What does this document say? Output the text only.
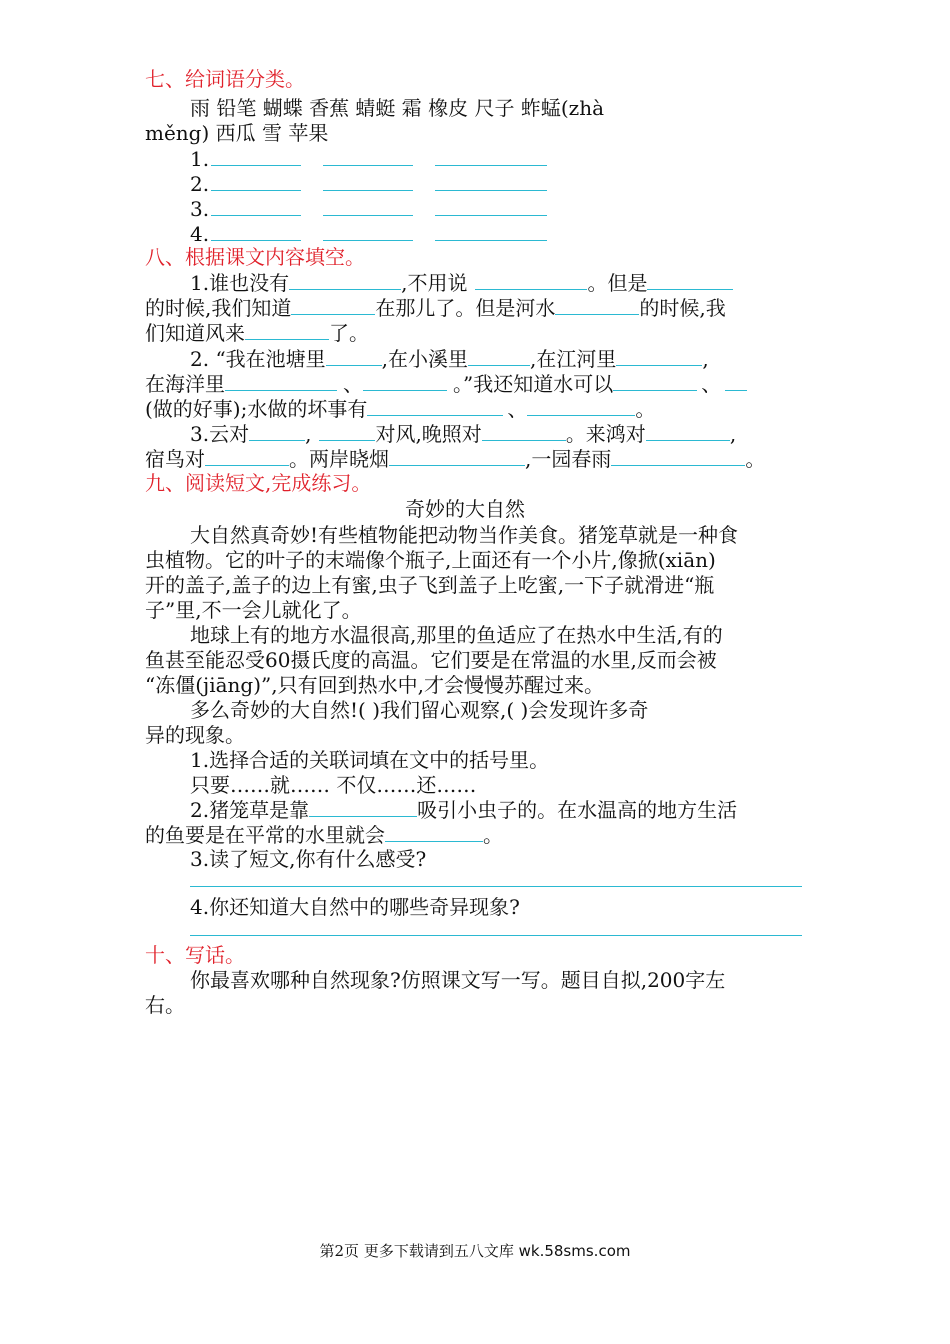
七、给词语分类。
雨 铅笔 蝴蝶 香蕉 蜻蜓 霜 橡皮 尺子 蚱蜢(zhà
měng) 西瓜 雪 苹果
1.
2.
3.
4.
八、根据课文内容填空。
1.谁也没有	,不用说	。但是
的时候,我们知道	在那儿了。但是河水	的时候,我
们知道风来	了。
2. “我在池塘里	,在小溪里	,在江河里	,
在海洋里	、	。”我还知道水可以	、
(做的好事);水做的坏事有	、	。
3.云对	,	对风,晚照对	。来鸿对	,
宿鸟对	。两岸晓烟	,一园春雨	。
九、阅读短文,完成练习。
奇妙的大自然
大自然真奇妙!有些植物能把动物当作美食。猪笼草就是一种食
虫植物。它的叶子的末端像个瓶子,上面还有一个小片,像掀(xiān)
开的盖子,盖子的边上有蜜,虫子飞到盖子上吃蜜,一下子就滑进“瓶
子”里,不一会儿就化了。
地球上有的地方水温很高,那里的鱼适应了在热水中生活,有的
鱼甚至能忍受60摄氏度的高温。它们要是在常温的水里,反而会被
“冻僵(jiāng)”,只有回到热水中,才会慢慢苏醒过来。
多么奇妙的大自然!( )我们留心观察,( )会发现许多奇
异的现象。
1.选择合适的关联词填在文中的括号里。
只要……就…… 不仅……还……
2.猪笼草是靠	吸引小虫子的。在水温高的地方生活
的鱼要是在平常的水里就会	。
3.读了短文,你有什么感受?
4.你还知道大自然中的哪些奇异现象?
十、写话。
你最喜欢哪种自然现象?仿照课文写一写。题目自拟,200字左
右。
第2页 更多下载请到五八文库 wk.58sms.com
